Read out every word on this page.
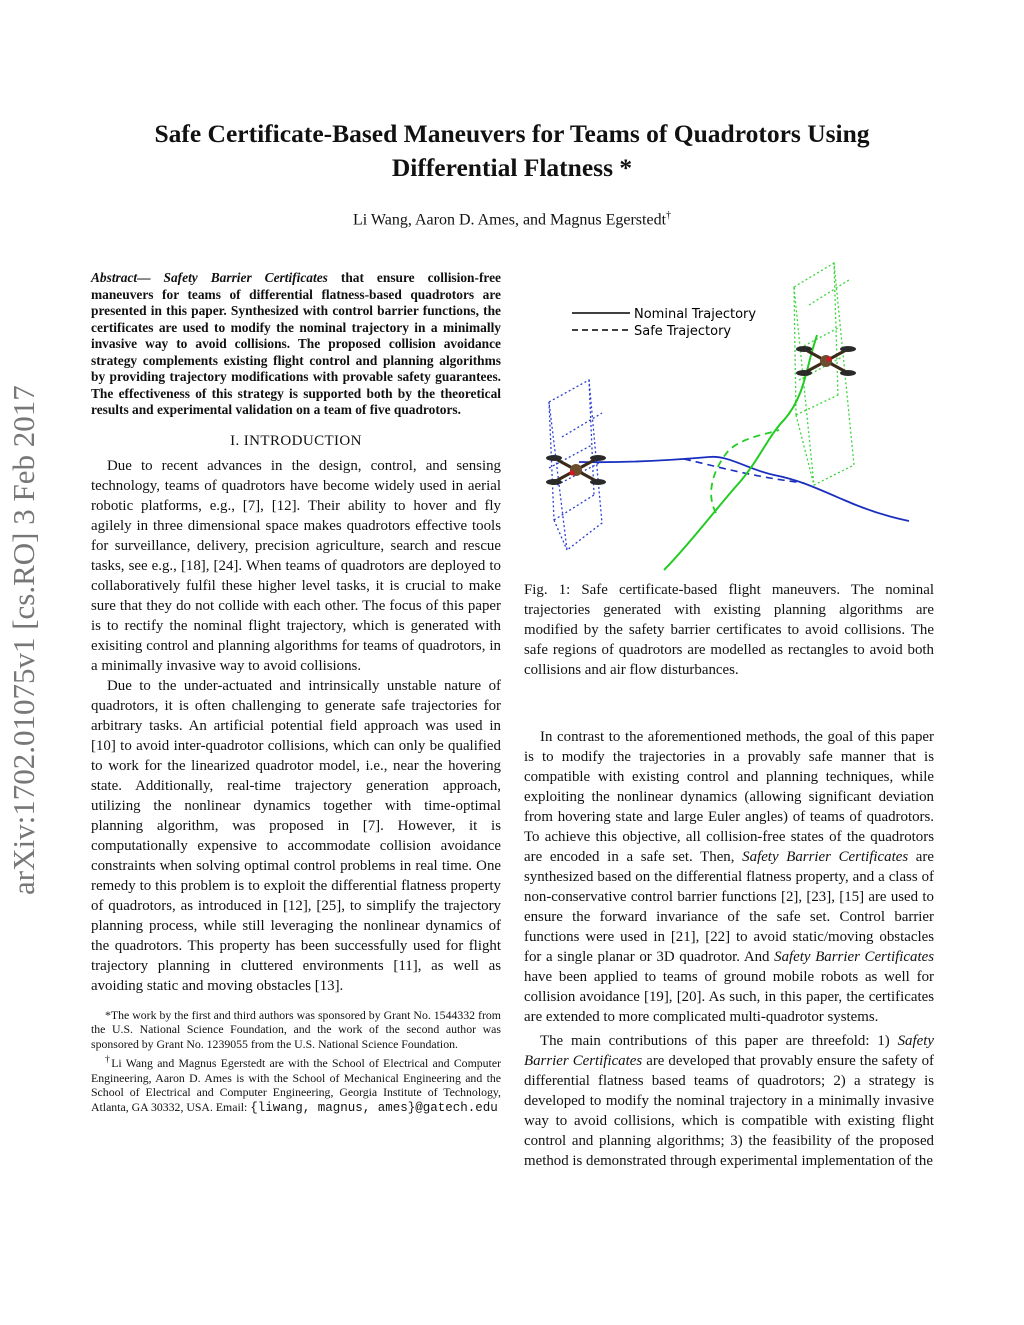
arXiv:1702.01075v1 [cs.RO] 3 Feb 2017
Safe Certificate-Based Maneuvers for Teams of Quadrotors Using Differential Flatness *
Li Wang, Aaron D. Ames, and Magnus Egerstedt†
Abstract— Safety Barrier Certificates that ensure collision-free maneuvers for teams of differential flatness-based quadrotors are presented in this paper. Synthesized with control barrier functions, the certificates are used to modify the nominal trajectory in a minimally invasive way to avoid collisions. The proposed collision avoidance strategy complements existing flight control and planning algorithms by providing trajectory modifications with provable safety guarantees. The effectiveness of this strategy is supported both by the theoretical results and experimental validation on a team of five quadrotors.
I. INTRODUCTION

Due to recent advances in the design, control, and sensing technology, teams of quadrotors have become widely used in aerial robotic platforms, e.g., [7], [12]. Their ability to hover and fly agilely in three dimensional space makes quadrotors effective tools for surveillance, delivery, precision agriculture, search and rescue tasks, see e.g., [18], [24]. When teams of quadrotors are deployed to collaboratively fulfil these higher level tasks, it is crucial to make sure that they do not collide with each other. The focus of this paper is to rectify the nominal flight trajectory, which is generated with exisiting control and planning algorithms for teams of quadrotors, in a minimally invasive way to avoid collisions.

Due to the under-actuated and intrinsically unstable nature of quadrotors, it is often challenging to generate safe trajectories for arbitrary tasks. An artificial potential field approach was used in [10] to avoid inter-quadrotor collisions, which can only be qualified to work for the linearized quadrotor model, i.e., near the hovering state. Additionally, real-time trajectory generation approach, utilizing the nonlinear dynamics together with time-optimal planning algorithm, was proposed in [7]. However, it is computationally expensive to accommodate collision avoidance constraints when solving optimal control problems in real time. One remedy to this problem is to exploit the differential flatness property of quadrotors, as introduced in [12], [25], to simplify the trajectory planning process, while still leveraging the nonlinear dynamics of the quadrotors. This property has been successfully used for flight trajectory planning in cluttered environments [11], as well as avoiding static and moving obstacles [13].

*The work by the first and third authors was sponsored by Grant No. 1544332 from the U.S. National Science Foundation, and the work of the second author was sponsored by Grant No. 1239055 from the U.S. National Science Foundation.

†Li Wang and Magnus Egerstedt are with the School of Electrical and Computer Engineering, Aaron D. Ames is with the School of Mechanical Engineering and the School of Electrical and Computer Engineering, Georgia Institute of Technology, Atlanta, GA 30332, USA. Email: {liwang, magnus, ames}@gatech.edu

Nominal Trajectory
Safe Trajectory
Fig. 1: Safe certificate-based flight maneuvers. The nominal trajectories generated with existing planning algorithms are modified by the safety barrier certificates to avoid collisions. The safe regions of quadrotors are modelled as rectangles to avoid both collisions and air flow disturbances.

In contrast to the aforementioned methods, the goal of this paper is to modify the trajectories in a provably safe manner that is compatible with existing control and planning techniques, while exploiting the nonlinear dynamics (allowing significant deviation from hovering state and large Euler angles) of teams of quadrotors. To achieve this objective, all collision-free states of the quadrotors are encoded in a safe set. Then, Safety Barrier Certificates are synthesized based on the differential flatness property, and a class of non-conservative control barrier functions [2], [23], [15] are used to ensure the forward invariance of the safe set. Control barrier functions were used in [21], [22] to avoid static/moving obstacles for a single planar or 3D quadrotor. And Safety Barrier Certificates have been applied to teams of ground mobile robots as well for collision avoidance [19], [20]. As such, in this paper, the certificates are extended to more complicated multi-quadrotor systems.

The main contributions of this paper are threefold: 1) Safety Barrier Certificates are developed that provably ensure the safety of differential flatness based teams of quadrotors; 2) a strategy is developed to modify the nominal trajectory in a minimally invasive way to avoid collisions, which is compatible with existing flight control and planning algorithms; 3) the feasibility of the proposed method is demonstrated through experimental implementation of the
